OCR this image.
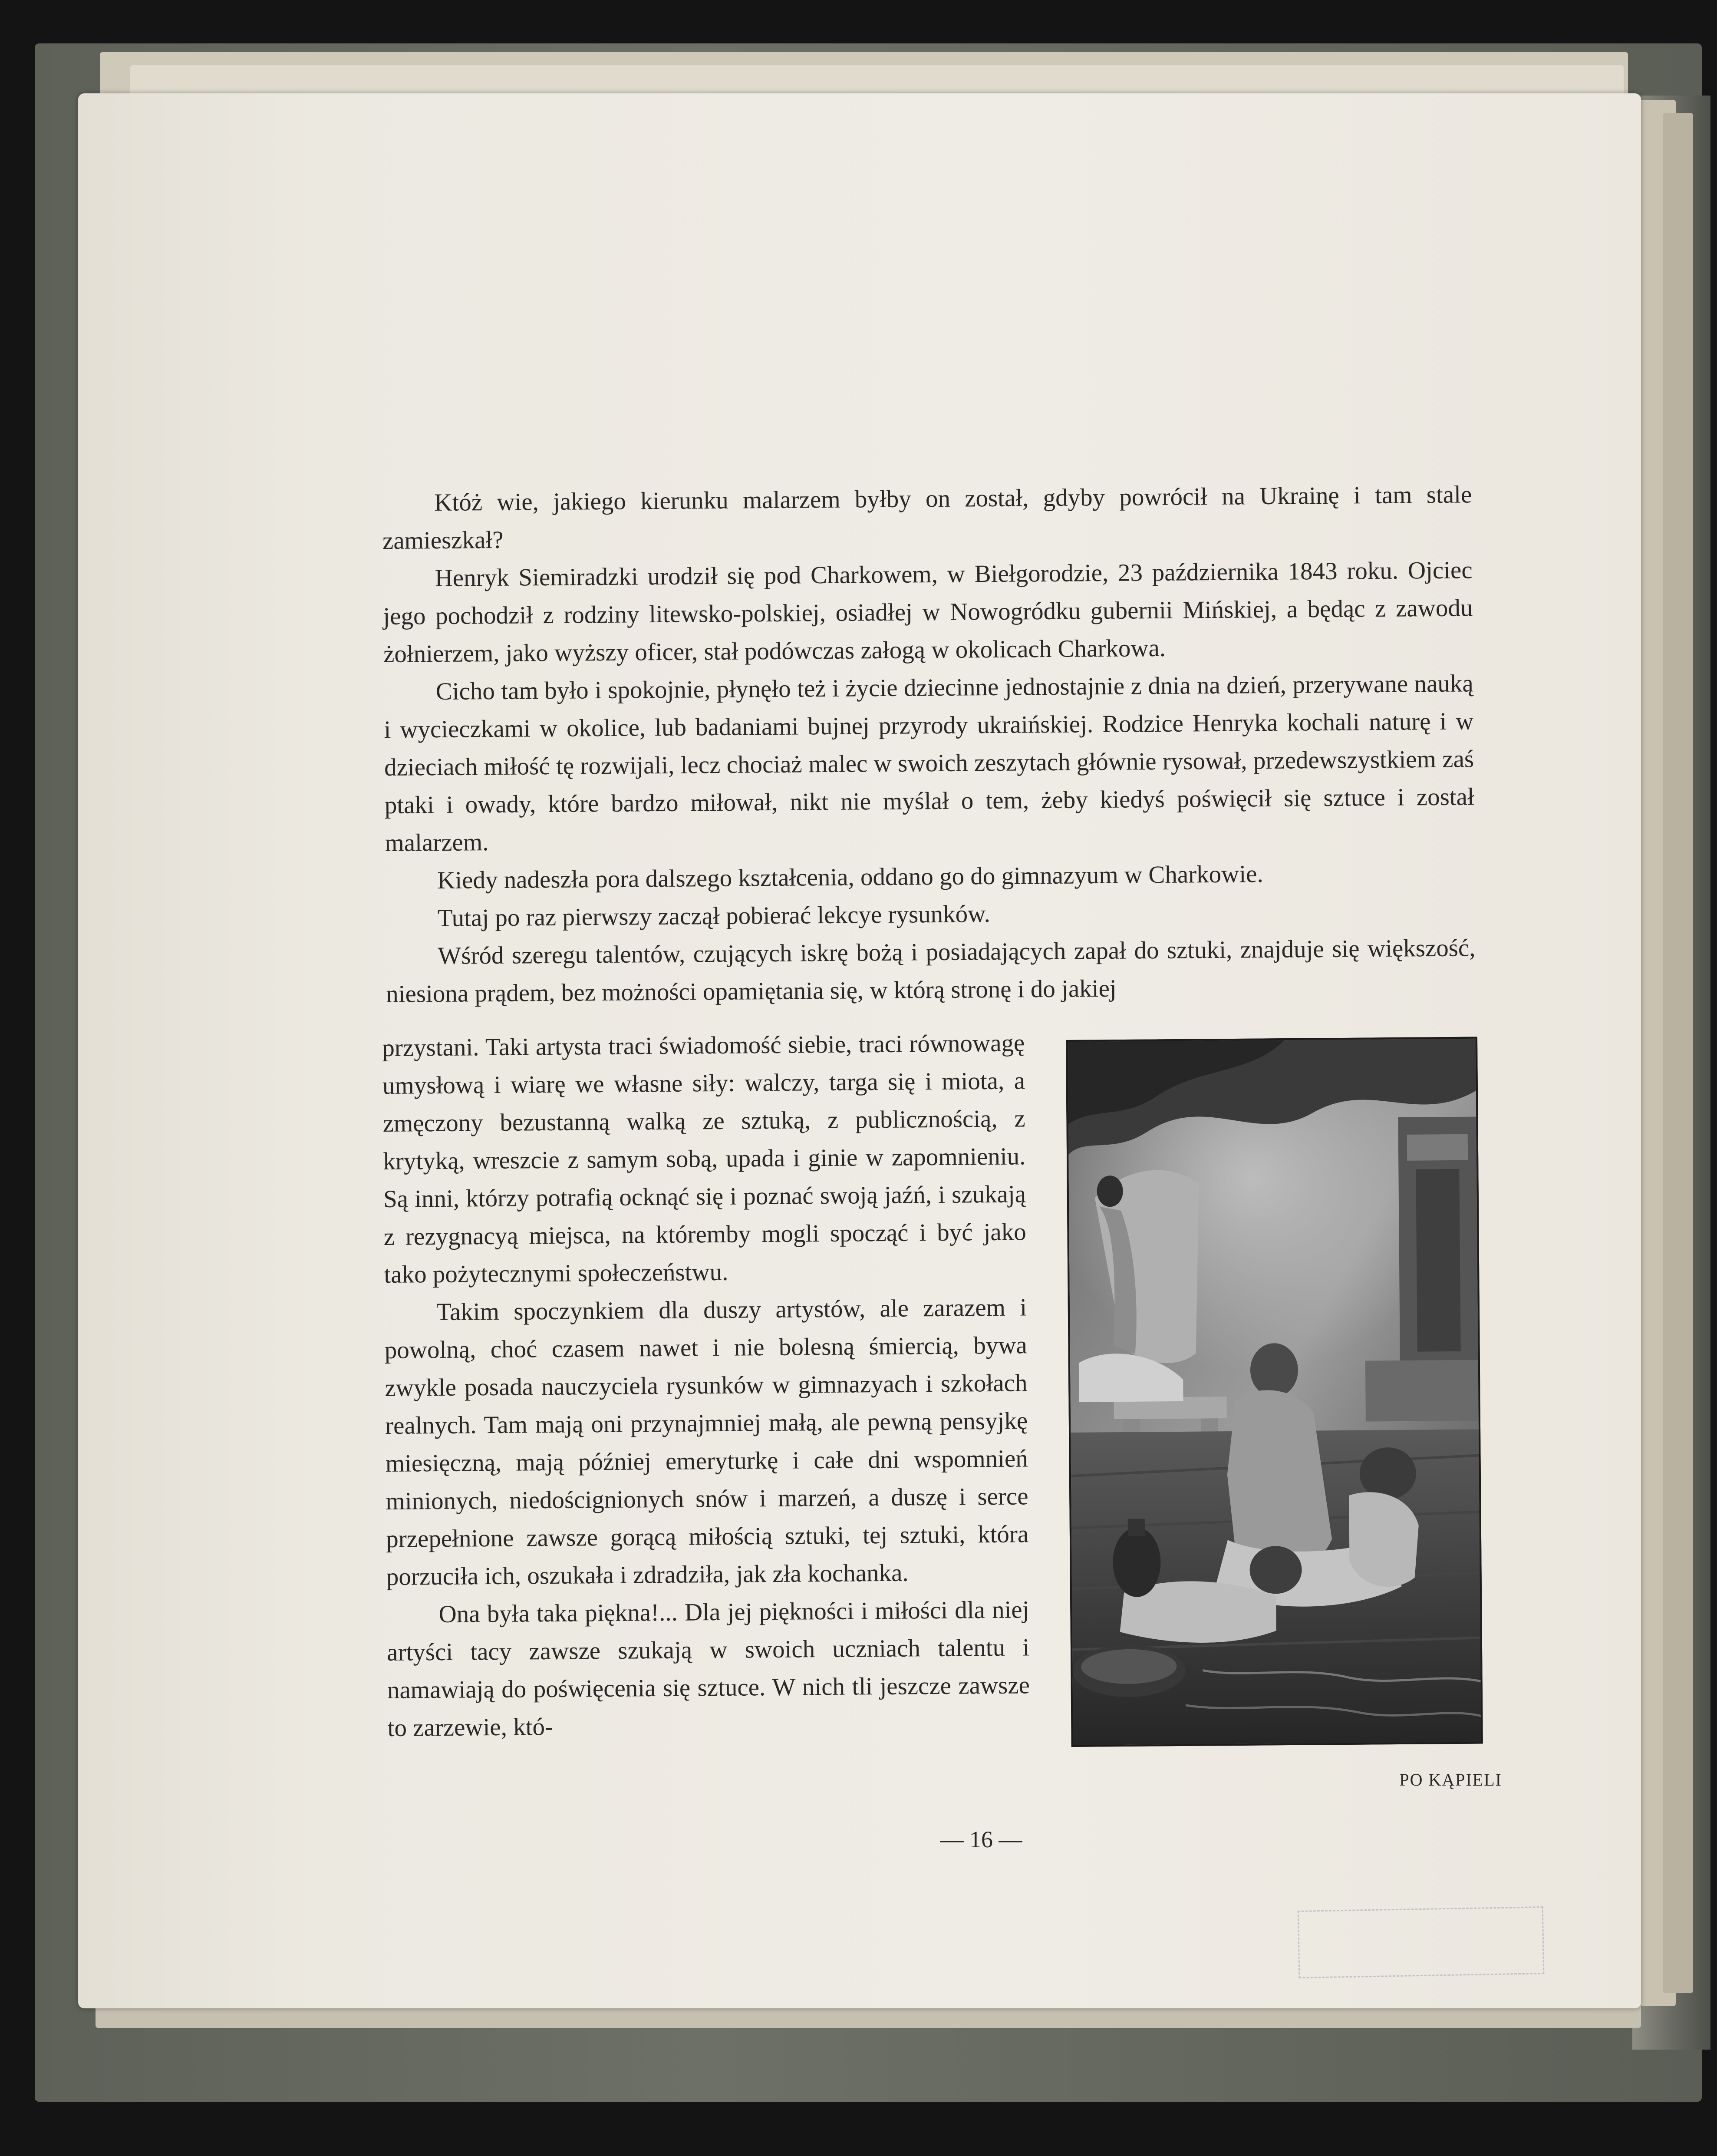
Któż wie, jakiego kierunku malarzem byłby on został, gdyby powrócił na Ukrainę i tam stale zamieszkał?

Henryk Siemiradzki urodził się pod Charkowem, w Biełgorodzie, 23 października 1843 roku. Ojciec jego pochodził z rodziny litewsko-polskiej, osiadłej w Nowogródku gubernii Mińskiej, a będąc z zawodu żołnierzem, jako wyższy oficer, stał podówczas załogą w okolicach Charkowa.

Cicho tam było i spokojnie, płynęło też i życie dziecinne jednostajnie z dnia na dzień, przerywane nauką i wycieczkami w okolice, lub badaniami bujnej przyrody ukraińskiej. Rodzice Henryka kochali naturę i w dzieciach miłość tę rozwijali, lecz chociaż malec w swoich zeszytach głównie rysował, przedewszystkiem zaś ptaki i owady, które bardzo miłował, nikt nie myślał o tem, żeby kiedyś poświęcił się sztuce i został malarzem.

Kiedy nadeszła pora dalszego kształcenia, oddano go do gimnazyum w Charkowie.

Tutaj po raz pierwszy zaczął pobierać lekcye rysunków.

Wśród szeregu talentów, czujących iskrę bożą i posiadających zapał do sztuki, znajduje się większość, niesiona prądem, bez możności opamiętania się, w którą stronę i do jakiej

przystani. Taki artysta traci świadomość siebie, traci równowagę umysłową i wiarę we własne siły: walczy, targa się i miota, a zmęczony bezustanną walką ze sztuką, z publicznością, z krytyką, wreszcie z samym sobą, upada i ginie w zapomnieniu. Są inni, którzy potrafią ocknąć się i poznać swoją jaźń, i szukają z rezygnacyą miejsca, na któremby mogli spocząć i być jako tako pożytecznymi społeczeństwu.

Takim spoczynkiem dla duszy artystów, ale zarazem i powolną, choć czasem nawet i nie bolesną śmiercią, bywa zwykle posada nauczyciela rysunków w gimnazyach i szkołach realnych. Tam mają oni przynajmniej małą, ale pewną pensyjkę miesięczną, mają później emeryturkę i całe dni wspomnień minionych, niedoścignionych snów i marzeń, a duszę i serce przepełnione zawsze gorącą miłością sztuki, tej sztuki, która porzuciła ich, oszukała i zdradziła, jak zła kochanka.

Ona była taka piękna!... Dla jej piękności i miłości dla niej artyści tacy zawsze szukają w swoich uczniach talentu i namawiają do poświęcenia się sztuce. W nich tli jeszcze zawsze to zarzewie, któ-

PO KĄPIELI
— 16 —
